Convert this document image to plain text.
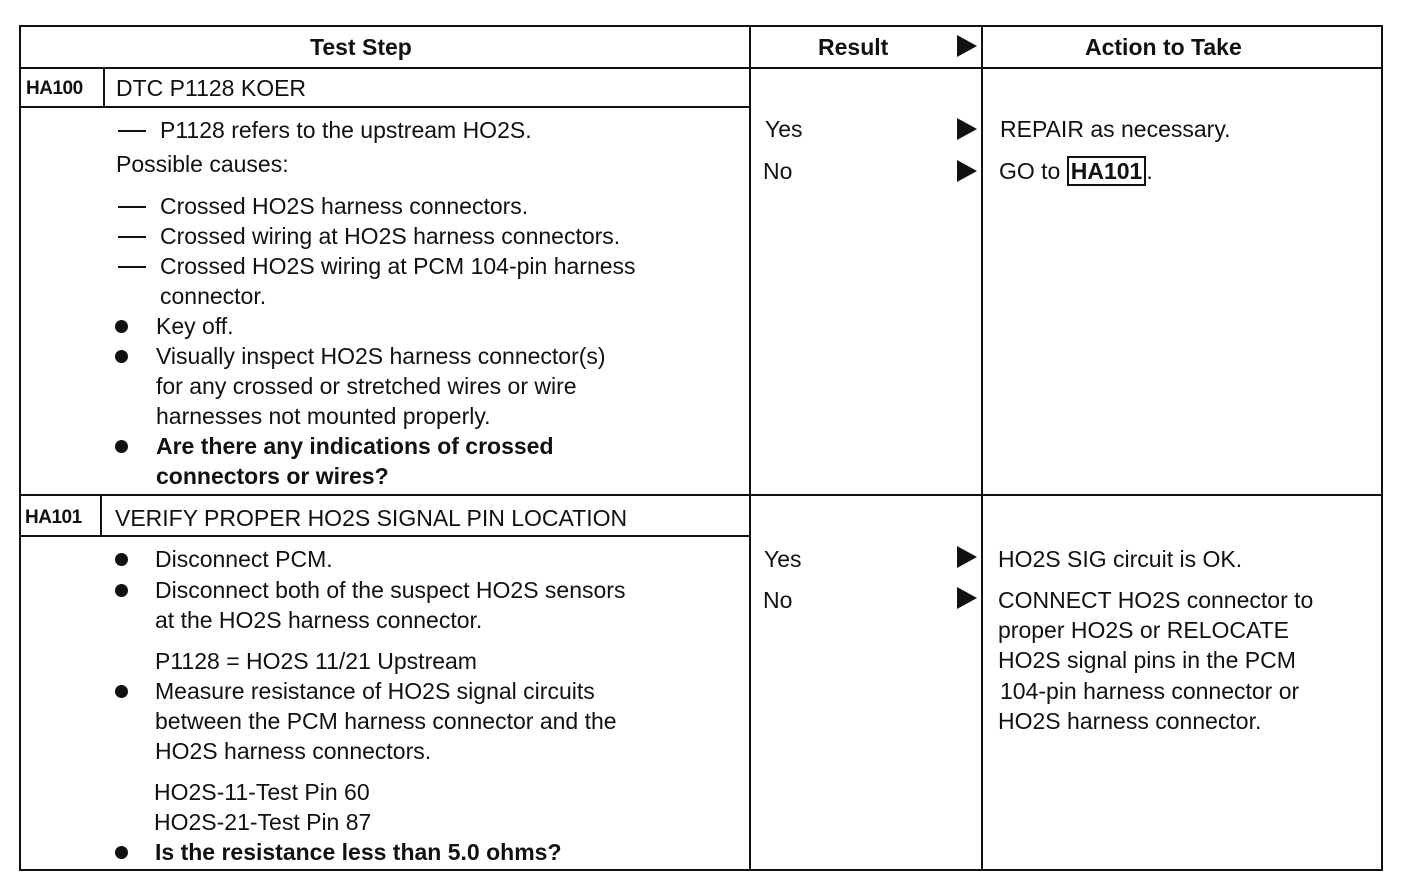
Test Step	Result	Action to Take
HA100 DTC P1128 KOER
P1128 refers to the upstream HO2S.
Possible causes:
Crossed HO2S harness connectors.
Crossed wiring at HO2S harness connectors.
Crossed HO2S wiring at PCM 104-pin harness
connector.
Key off.
Visually inspect HO2S harness connector(s)
for any crossed or stretched wires or wire
harnesses not mounted properly.
Are there any indications of crossed
connectors or wires?
Yes
No
REPAIR as necessary.
GO to HA101 .
HA101 VERIFY PROPER HO2S SIGNAL PIN LOCATION
Disconnect PCM.
Disconnect both of the suspect HO2S sensors
at the HO2S harness connector.
P1128 = HO2S 11/21 Upstream
Measure resistance of HO2S signal circuits
between the PCM harness connector and the
HO2S harness connectors.
HO2S-11-Test Pin 60
HO2S-21-Test Pin 87
Is the resistance less than 5.0 ohms?
Yes
No
HO2S SIG circuit is OK.
CONNECT HO2S connector to
proper HO2S or RELOCATE
HO2S signal pins in the PCM
104-pin harness connector or
HO2S harness connector.
